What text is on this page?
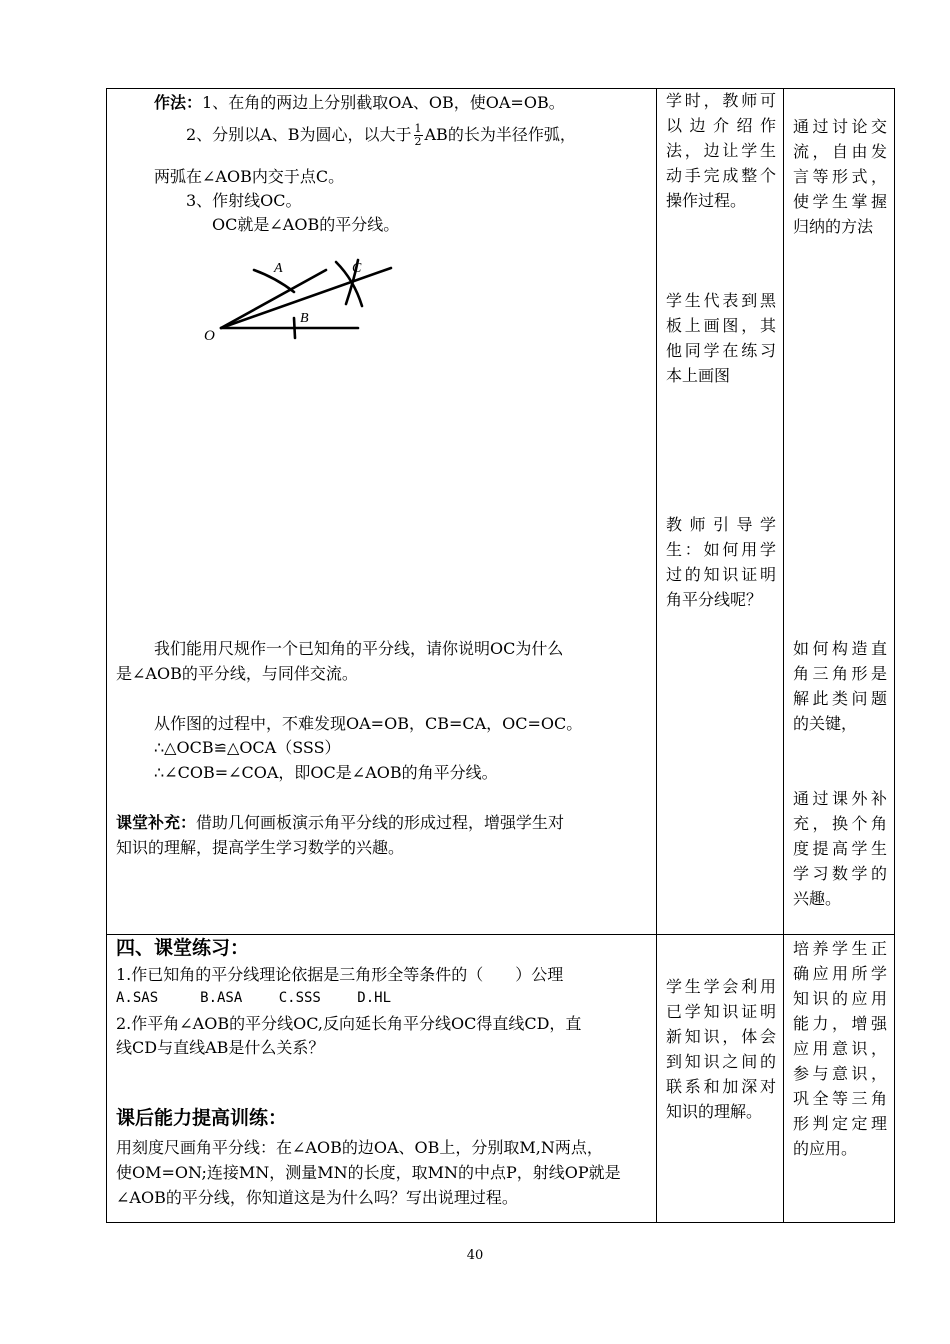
作法：1、在角的两边上分别截取OA、OB，使OA=OB。
2、分别以A、B为圆心，以大于 $\frac{1}{2}$ AB的长为半径作弧，
两弧在∠AOB内交于点C。
3、作射线OC。
OC就是∠AOB的平分线。
O
A
B
C
我们能用尺规作一个已知角的平分线，请你说明OC为什么
是∠AOB的平分线，与同伴交流。
从作图的过程中，不难发现OA=OB，CB=CA，OC=OC。
∴△OCB≌△OCA（SSS）
∴∠COB=∠COA，即OC是∠AOB的角平分线。
课堂补充：借助几何画板演示角平分线的形成过程，增强学生对
知识的理解，提高学生学习数学的兴趣。
四、课堂练习：
1.作已知角的平分线理论依据是三角形全等条件的（　　）公理
A.SAS　　　B.ASA　　 C.SSS　　 D.HL
2.作平角∠AOB的平分线OC,反向延长角平分线OC得直线CD，直
线CD与直线AB是什么关系？
课后能力提高训练：
用刻度尺画角平分线：在∠AOB的边OA、OB上，分别取M,N两点，
使OM=ON;连接MN，测量MN的长度，取MN的中点P，射线OP就是
∠AOB的平分线，你知道这是为什么吗？写出说理过程。
学时，教师可以边介绍作法，边让学生动手完成整个操作过程。
学生代表到黑板上画图，其他同学在练习本上画图
教师引导学生：如何用学过的知识证明角平分线呢？
学生学会利用已学知识证明新知识，体会到知识之间的联系和加深对知识的理解。
通过讨论交流，自由发言等形式，使学生掌握归纳的方法
如何构造直角三角形是解此类问题的关键，
通过课外补充，换个角度提高学生学习数学的兴趣。
培养学生正确应用所学知识的应用能力，增强应用意识，参与意识，巩全等三角形判定定理的应用。
40
